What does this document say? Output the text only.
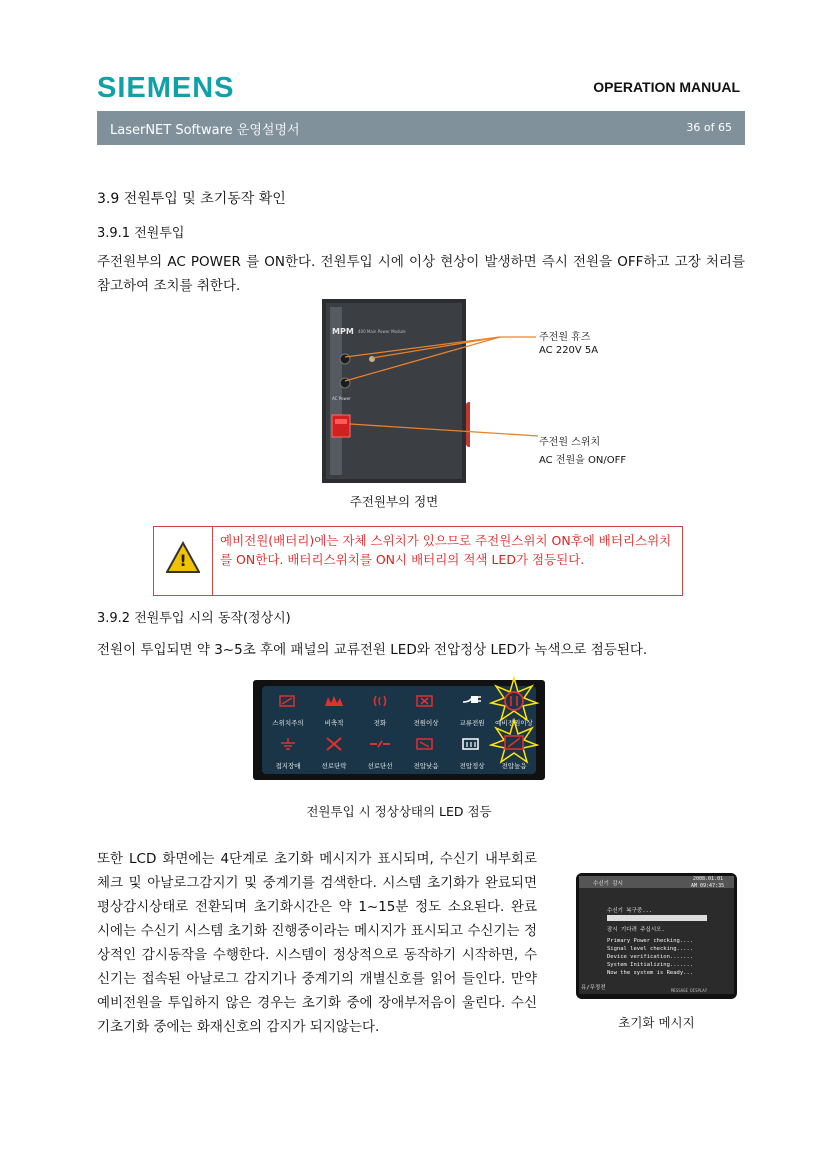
SIEMENS	OPERATION MANUAL
LaserNET Software 운영설명서	36 of 65
3.9 전원투입 및 초기동작 확인
3.9.1 전원투입
주전원부의 AC POWER 를 ON한다. 전원투입 시에 이상 현상이 발생하면 즉시 전원을 OFF하고 고장 처리를 참고하여 조치를 취한다.
MPM 400 Main Power Module
AC Power
주전원 휴즈
AC 220V 5A
주전원 스위치
AC 전원을 ON/OFF
주전원부의 정면
!
예비전원(배터리)에는 자체 스위치가 있으므로 주전원스위치 ON후에 배터리스위치를 ON한다. 배터리스위치를 ON시 배터리의 적색 LED가 점등된다.
3.9.2 전원투입 시의 동작(정상시)
전원이 투입되면 약 3~5초 후에 패널의 교류전원 LED와 전압정상 LED가 녹색으로 점등된다.
스위치주의	비축적	전화	전원이상	교류전원	예비전원이상
접지장애	선로단락	선로단선	전압낮음	전압정상	전압높음
전원투입 시 정상상태의 LED 점등
또한 LCD 화면에는 4단계로 초기화 메시지가 표시되며, 수신기 내부회로 체크 및 아날로그감지기 및 중계기를 검색한다. 시스템 초기화가 완료되면 평상감시상태로 전환되며 초기화시간은 약 1~15분 정도 소요된다. 완료 시에는 수신기 시스템 초기화 진행중이라는 메시지가 표시되고 수신기는 정상적인 감시동작을 수행한다. 시스템이 정상적으로 동작하기 시작하면, 수신기는 접속된 아날로그 감지기나 중계기의 개별신호를 읽어 들인다. 만약 예비전원을 투입하지 않은 경우는 초기화 중에 장애부저음이 울린다. 수신기초기화 중에는 화재신호의 감지가 되지않는다.
수신기 감시
2008.01.01
AM 09:47:35
수신기 복구중...
잠시 기다려 주십시오.
Primary Power checking....
Signal level checking.....
Device verification.......
System Initializing.......
Now the system is Ready...
유/무정전	MESSAGE DISPLAY
초기화 메시지
